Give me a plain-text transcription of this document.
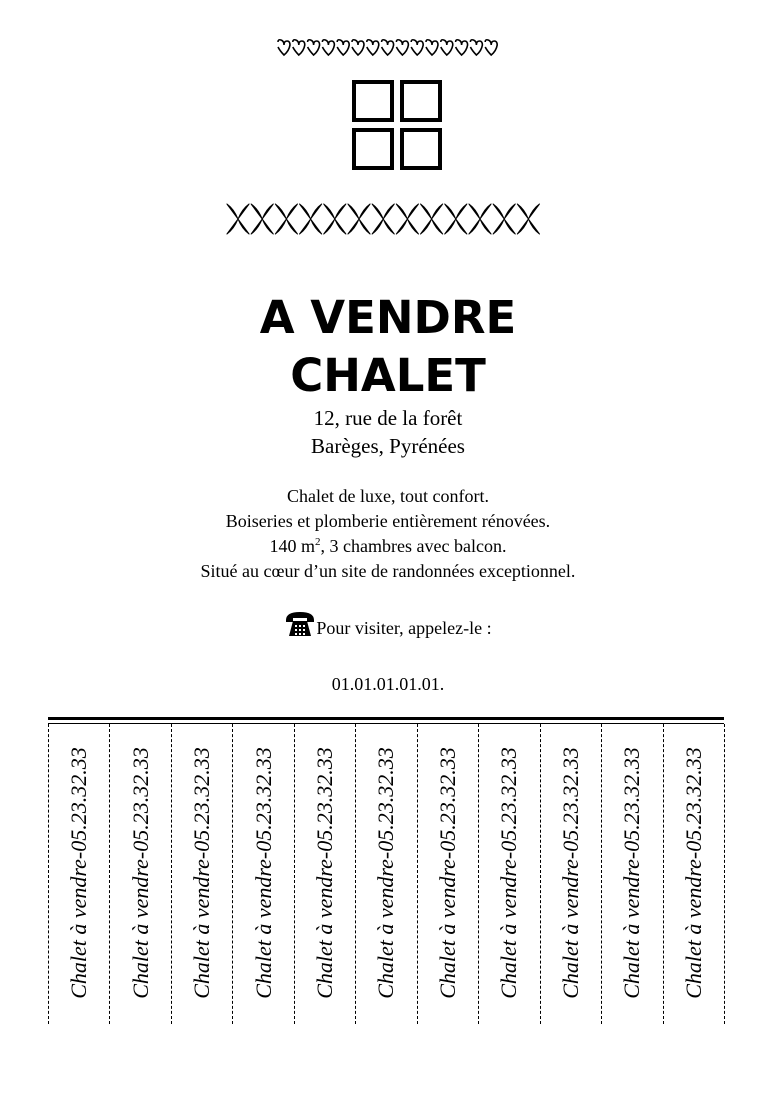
A VENDRE
CHALET
12, rue de la forêt
Barèges, Pyrénées
Chalet de luxe, tout confort.
Boiseries et plomberie entièrement rénovées.
140 $m^2$, 3 chambres avec balcon.
Situé au cœur d’un site de randonnées exceptionnel.
Pour visiter, appelez-le :
01.01.01.01.01.
Chalet à vendre-05.23.32.33 Chalet à vendre-05.23.32.33 Chalet à vendre-05.23.32.33 Chalet à vendre-05.23.32.33 Chalet à vendre-05.23.32.33 Chalet à vendre-05.23.32.33 Chalet à vendre-05.23.32.33 Chalet à vendre-05.23.32.33 Chalet à vendre-05.23.32.33 Chalet à vendre-05.23.32.33 Chalet à vendre-05.23.32.33
